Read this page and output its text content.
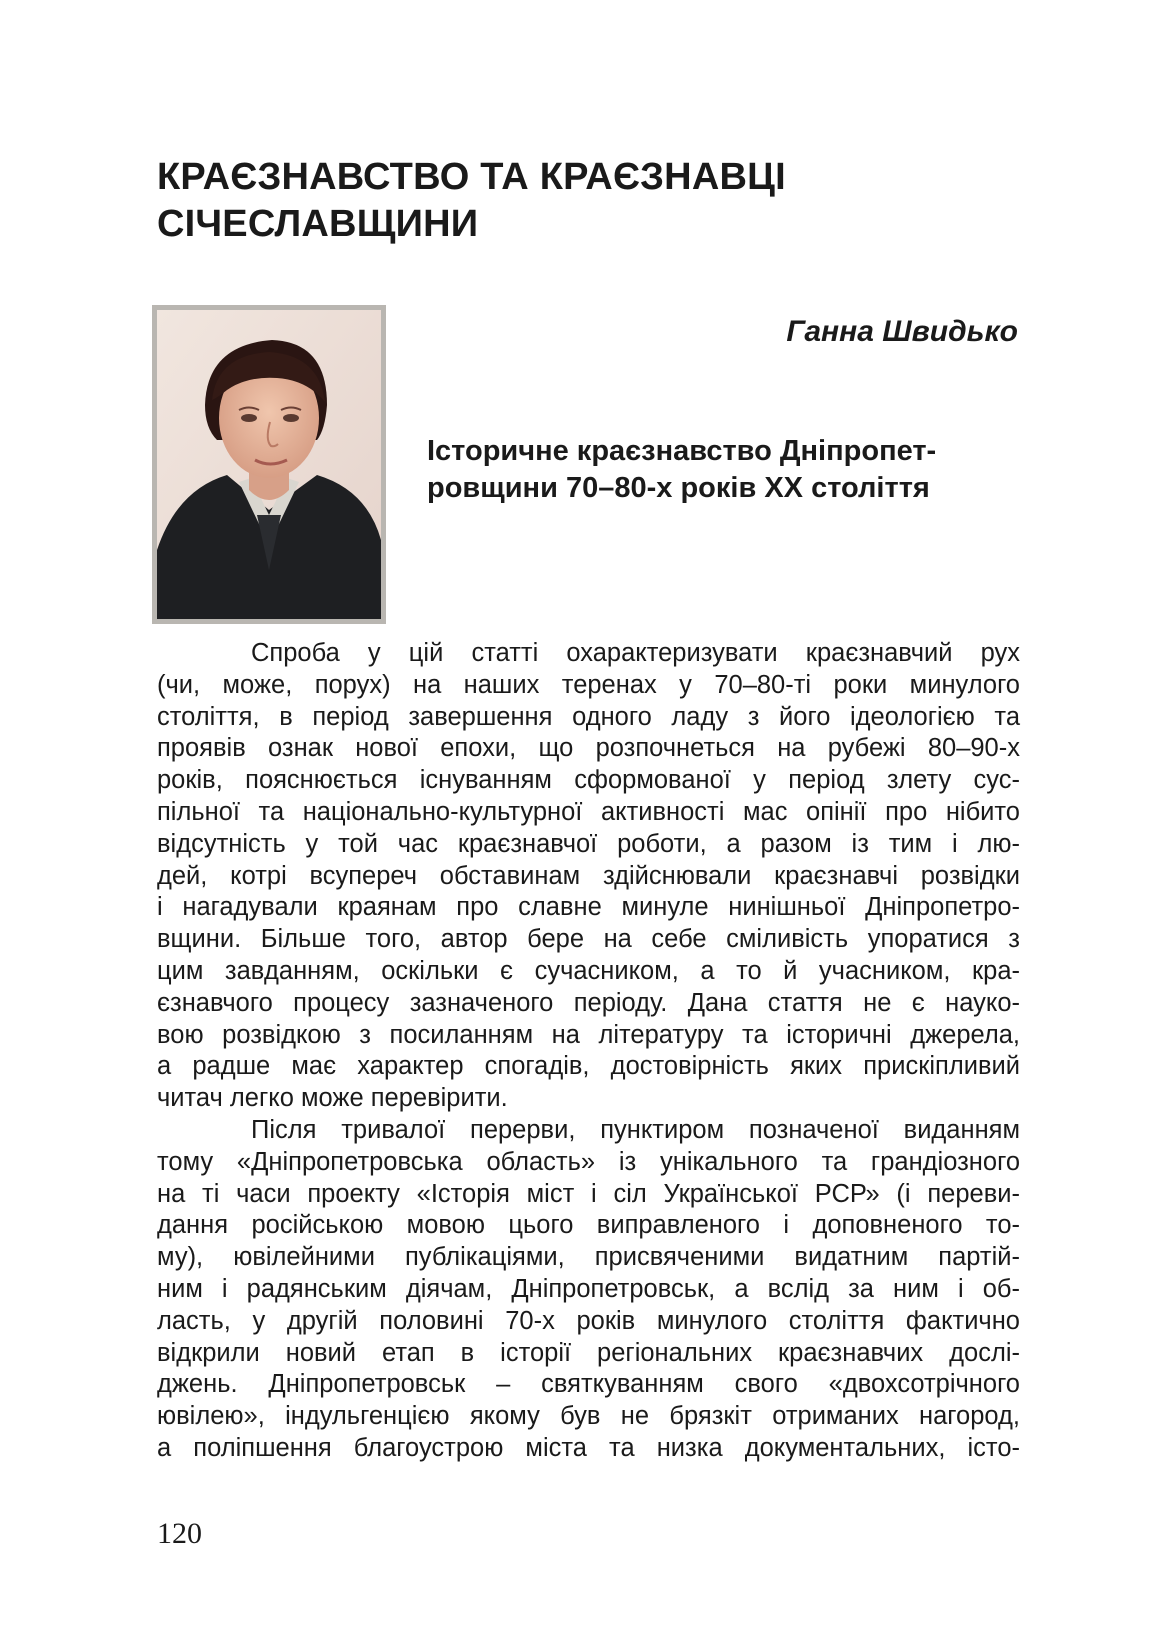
КРАЄЗНАВСТВО ТА КРАЄЗНАВЦІ
СІЧЕСЛАВЩИНИ

Ганна Швидько

Історичне краєзнавство Дніпропет-
ровщини 70–80-х років ХХ століття
Спроба у цій статті охарактеризувати краєзнавчий рух
(чи, може, порух) на наших теренах у 70–80-ті роки минулого
століття, в період завершення одного ладу з його ідеологією та
проявів ознак нової епохи, що розпочнеться на рубежі 80–90-х
років, пояснюється існуванням сформованої у період злету сус-
пільної та національно-культурної активності мас опінії про нібито
відсутність у той час краєзнавчої роботи, а разом із тим і лю-
дей, котрі всупереч обставинам здійснювали краєзнавчі розвідки
і нагадували краянам про славне минуле нинішньої Дніпропетро-
вщини. Більше того, автор бере на себе сміливість упоратися з
цим завданням, оскільки є сучасником, а то й учасником, кра-
єзнавчого процесу зазначеного періоду. Дана стаття не є науко-
вою розвідкою з посиланням на літературу та історичні джерела,
а радше має характер спогадів, достовірність яких прискіпливий
читач легко може перевірити.
Після тривалої перерви, пунктиром позначеної виданням
тому «Дніпропетровська область» із унікального та грандіозного
на ті часи проекту «Історія міст і сіл Української РСР» (і переви-
дання російською мовою цього виправленого і доповненого то-
му), ювілейними публікаціями, присвяченими видатним партій-
ним і радянським діячам, Дніпропетровськ, а вслід за ним і об-
ласть, у другій половині 70-х років минулого століття фактично
відкрили новий етап в історії регіональних краєзнавчих дослі-
джень. Дніпропетровськ – святкуванням свого «двохсотрічного
ювілею», індульгенцією якому був не брязкіт отриманих нагород,
а поліпшення благоустрою міста та низка документальних, істо-

120
